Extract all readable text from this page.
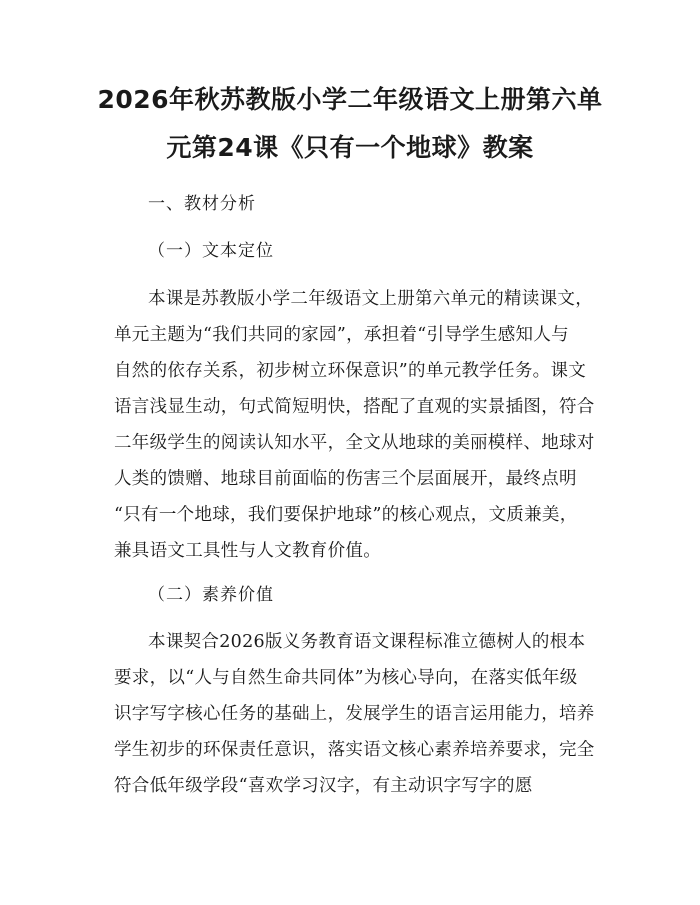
2026年秋苏教版小学二年级语文上册第六单
元第24课《只有一个地球》教案

一、教材分析

（一）文本定位

本课是苏教版小学二年级语文上册第六单元的精读课文，

单元主题为“我们共同的家园”，承担着“引导学生感知人与

自然的依存关系，初步树立环保意识”的单元教学任务。课文

语言浅显生动，句式简短明快，搭配了直观的实景插图，符合

二年级学生的阅读认知水平，全文从地球的美丽模样、地球对

人类的馈赠、地球目前面临的伤害三个层面展开，最终点明

“只有一个地球，我们要保护地球”的核心观点，文质兼美，

兼具语文工具性与人文教育价值。

（二）素养价值

本课契合2026版义务教育语文课程标准立德树人的根本

要求，以“人与自然生命共同体”为核心导向，在落实低年级

识字写字核心任务的基础上，发展学生的语言运用能力，培养

学生初步的环保责任意识，落实语文核心素养培养要求，完全

符合低年级学段“喜欢学习汉字，有主动识字写字的愿
